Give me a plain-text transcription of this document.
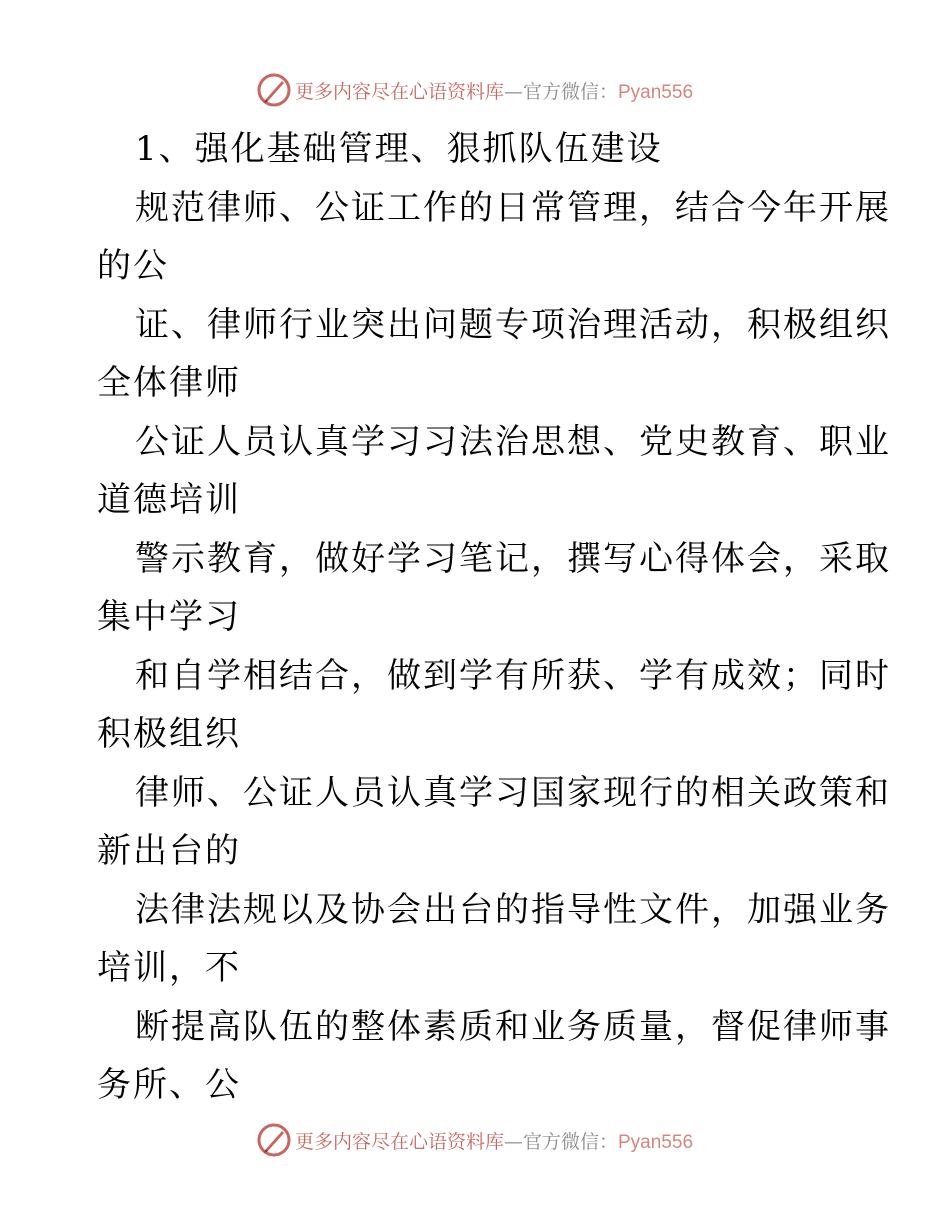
更多内容尽在心语资料库—官方微信：Pyan556
1、强化基础管理、狠抓队伍建设
规范律师、公证工作的日常管理，结合今年开展
的公
证、律师行业突出问题专项治理活动，积极组织
全体律师
公证人员认真学习习法治思想、党史教育、职业
道德培训
警示教育，做好学习笔记，撰写心得体会，采取
集中学习
和自学相结合，做到学有所获、学有成效；同时
积极组织
律师、公证人员认真学习国家现行的相关政策和
新出台的
法律法规以及协会出台的指导性文件，加强业务
培训，不
断提高队伍的整体素质和业务质量，督促律师事
务所、公
更多内容尽在心语资料库—官方微信：Pyan556
